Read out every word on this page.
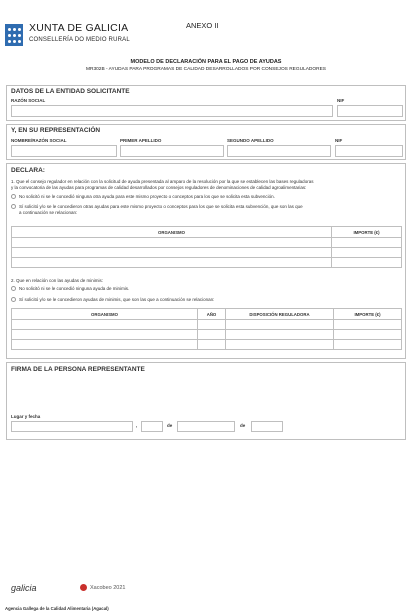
XUNTA DE GALICIA
CONSELLERÍA DO MEDIO RURAL
ANEXO II
MODELO DE DECLARACIÓN PARA EL PAGO DE AYUDAS
MR302B - AYUDAS PARA PROGRAMAS DE CALIDAD DESARROLLADOS POR CONSEJOS REGULADORES
DATOS DE LA ENTIDAD SOLICITANTE
RAZÓN SOCIAL	NIF
Y, EN SU REPRESENTACIÓN
NOMBRE/RAZÓN SOCIAL	PRIMER APELLIDO	SEGUNDO APELLIDO	NIF
DECLARA:
1. Que el consejo regulador en relación con la solicitud de ayuda presentada al amparo de la resolución por la que se establecen las bases reguladoras
y la convocatoria de las ayudas para programas de calidad desarrollados por consejos reguladores de denominaciones de calidad agroalimentarias:
No solicitó ni se le concedió ninguna otra ayuda para este mismo proyecto o conceptos para los que se solicita esta subvención.
Sí solicitó y/o se le concedieron otras ayudas para este mismo proyecto o conceptos para los que se solicita esta subvención, que son las que
a continuación se relacionan:
ORGANISMO	IMPORTE (€)

2. Que en relación con las ayudas de minimis:
No solicitó ni se le concedió ninguna ayuda de minimis.
Sí solicitó y/o se le concedieron ayudas de minimis, que son las que a continuación se relacionan:
ORGANISMO	AÑO	DISPOSICIÓN REGULADORA	IMPORTE (€)

FIRMA DE LA PERSONA REPRESENTANTE
Lugar y fecha
,	de	de
galicia	Xacobeo 2021
Agencia Gallega de la Calidad Alimentaria (Agacal)
